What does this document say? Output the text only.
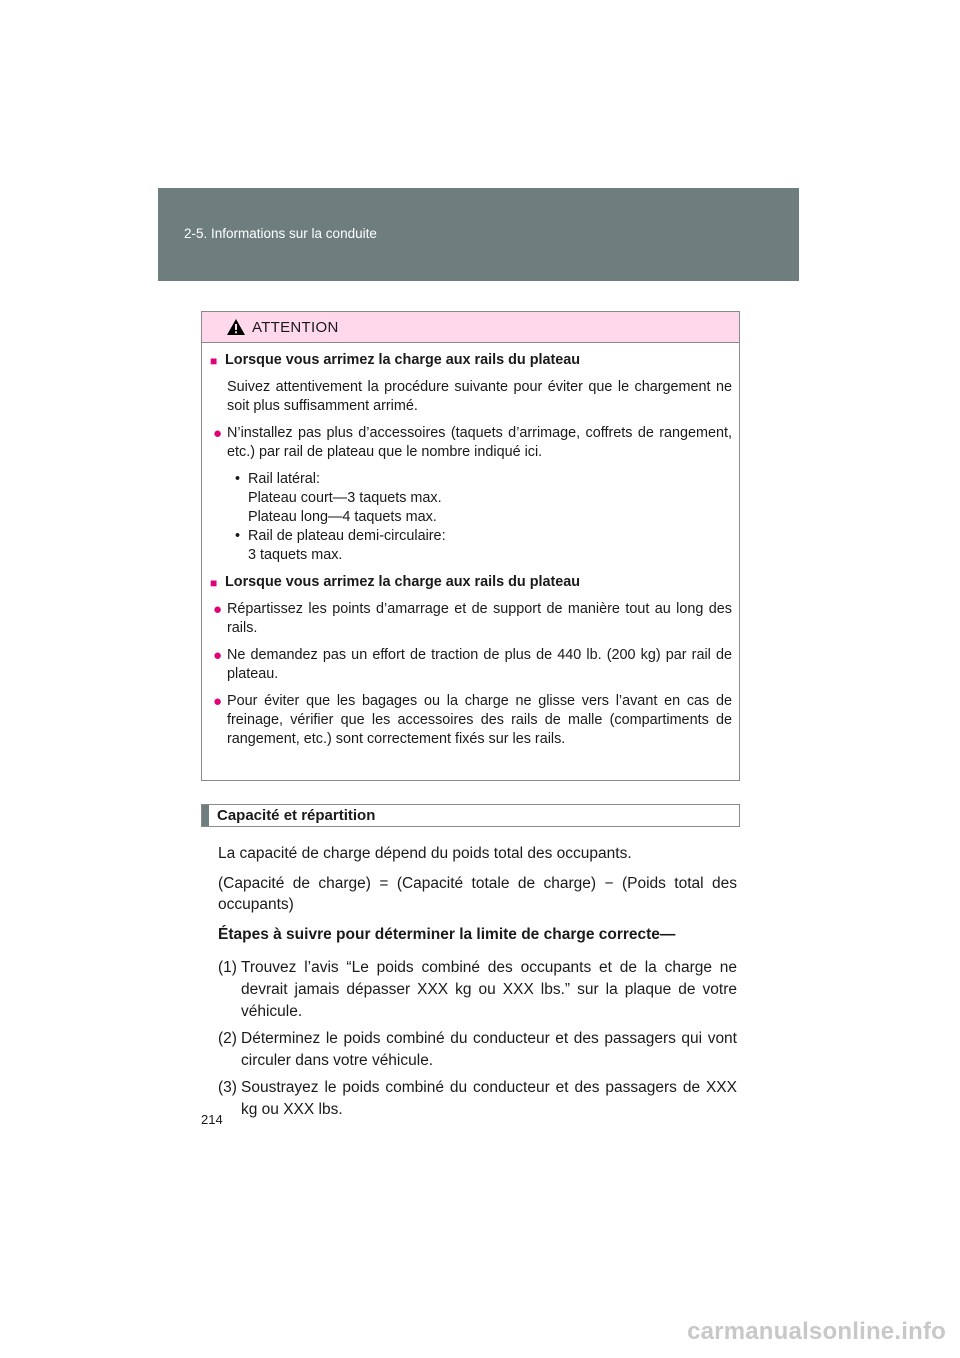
2-5. Informations sur la conduite
ATTENTION
■ Lorsque vous arrimez la charge aux rails du plateau
Suivez attentivement la procédure suivante pour éviter que le chargement ne soit plus suffisamment arrimé.
● N’installez pas plus d’accessoires (taquets d’arrimage, coffrets de rangement, etc.) par rail de plateau que le nombre indiqué ici.
• Rail latéral:
Plateau court—3 taquets max.
Plateau long—4 taquets max.
• Rail de plateau demi-circulaire:
3 taquets max.
■ Lorsque vous arrimez la charge aux rails du plateau
● Répartissez les points d’amarrage et de support de manière tout au long des rails.
● Ne demandez pas un effort de traction de plus de 440 lb. (200 kg) par rail de plateau.
● Pour éviter que les bagages ou la charge ne glisse vers l’avant en cas de freinage, vérifier que les accessoires des rails de malle (compartiments de rangement, etc.) sont correctement fixés sur les rails.
Capacité et répartition

La capacité de charge dépend du poids total des occupants.

(Capacité de charge) = (Capacité totale de charge) − (Poids total des occupants)

Étapes à suivre pour déterminer la limite de charge correcte—

(1) Trouvez l’avis “Le poids combiné des occupants et de la charge ne devrait jamais dépasser XXX kg ou XXX lbs.” sur la plaque de votre véhicule.
(2) Déterminez le poids combiné du conducteur et des passagers qui vont circuler dans votre véhicule.
(3) Soustrayez le poids combiné du conducteur et des passagers de XXX kg ou XXX lbs.
214
carmanualsonline.info
